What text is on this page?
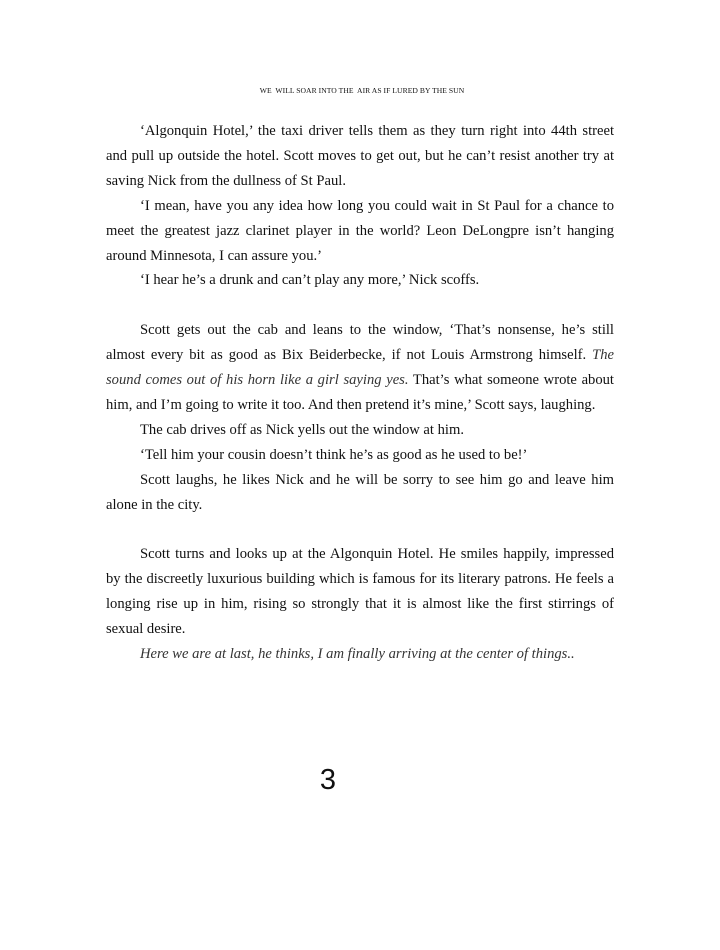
WE  WILL SOAR INTO THE  AIR AS IF LURED BY THE SUN

‘Algonquin Hotel,’ the taxi driver tells them as they turn right into 44th street and pull up outside the hotel. Scott moves to get out, but he can’t resist another try at saving Nick from the dullness of St Paul.

‘I mean, have you any idea how long you could wait in St Paul for a chance to meet the greatest jazz clarinet player in the world? Leon DeLongpre isn’t hanging around Minnesota, I can assure you.’

‘I hear he’s a drunk and can’t play any more,’ Nick scoffs.

Scott gets out the cab and leans to the window, ‘That’s nonsense, he’s still almost every bit as good as Bix Beiderbecke, if not Louis Armstrong himself. The sound comes out of his horn like a girl saying yes. That’s what someone wrote about him, and I’m going to write it too. And then pretend it’s mine,’ Scott says, laughing.

The cab drives off as Nick yells out the window at him.

‘Tell him your cousin doesn’t think he’s as good as he used to be!’

Scott laughs, he likes Nick and he will be sorry to see him go and leave him alone in the city.

Scott turns and looks up at the Algonquin Hotel. He smiles happily, impressed by the discreetly luxurious building which is famous for its literary patrons. He feels a longing rise up in him, rising so strongly that it is almost like the first stirrings of sexual desire.

Here we are at last, he thinks, I am finally arriving at the center of things..

3
